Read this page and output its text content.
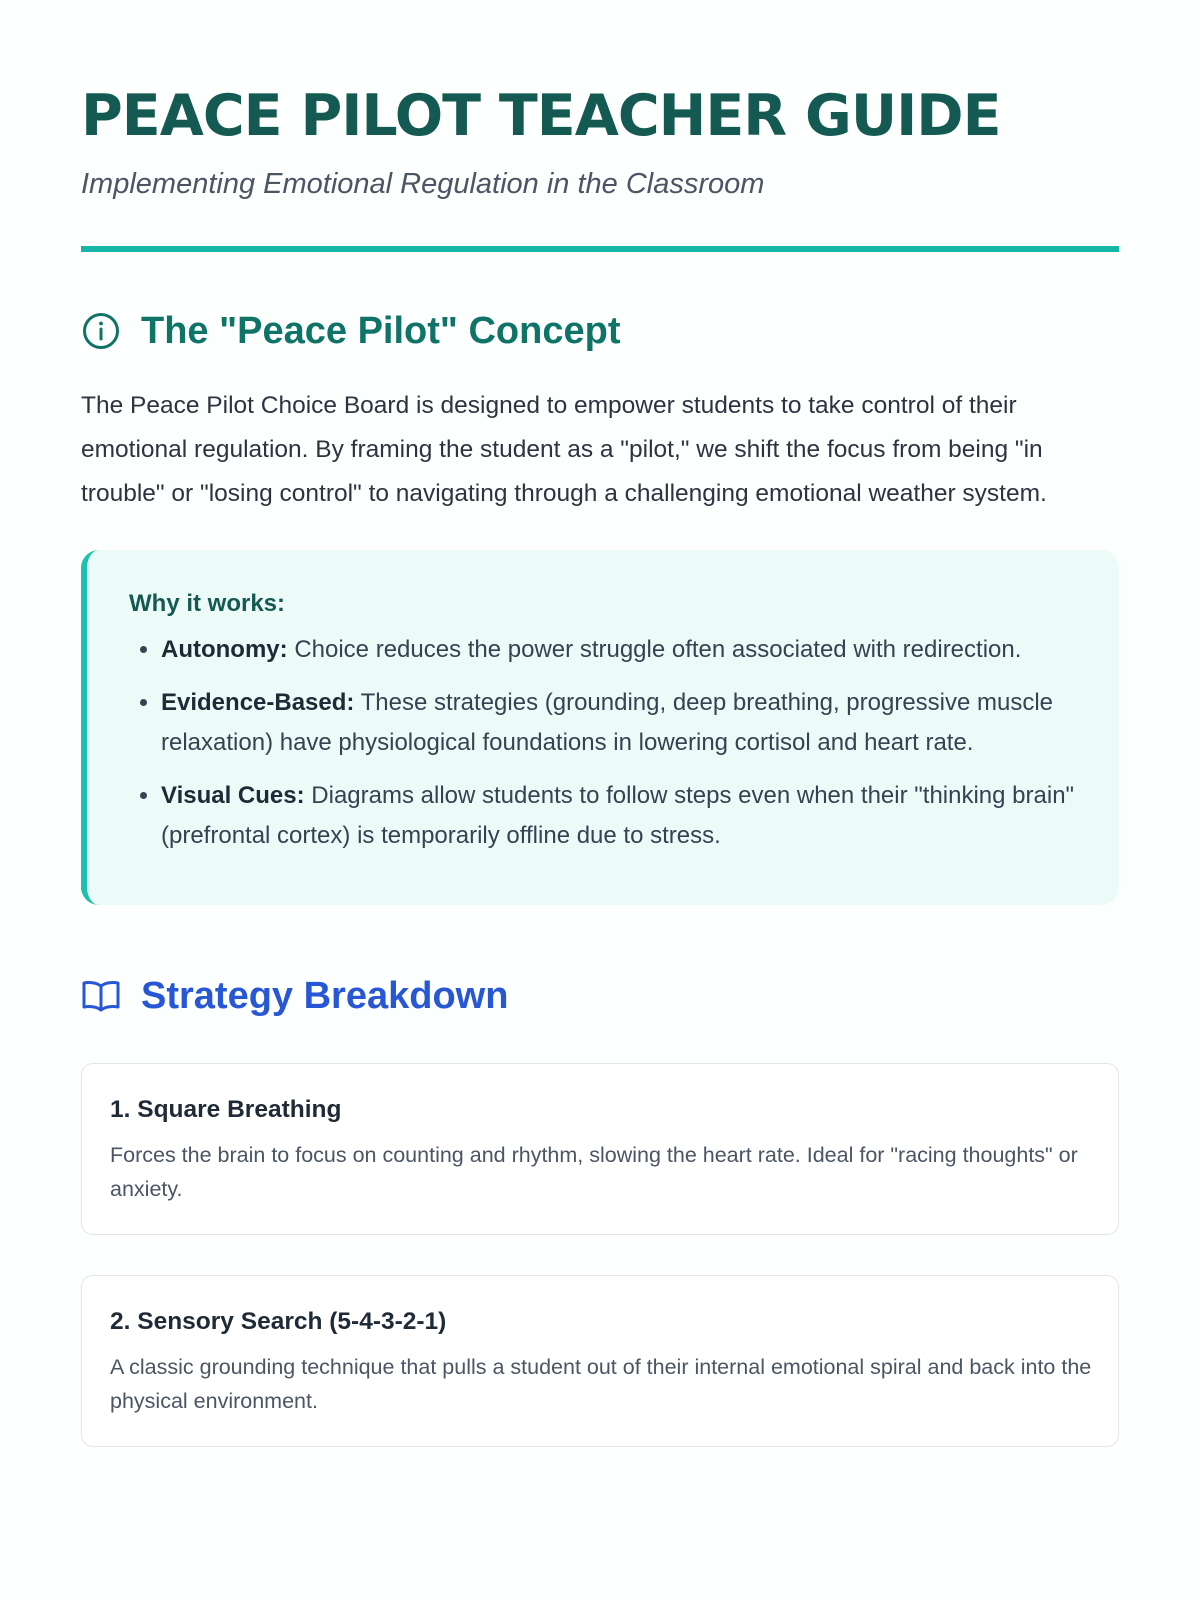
PEACE PILOT TEACHER GUIDE
Implementing Emotional Regulation in the Classroom
The "Peace Pilot" Concept

The Peace Pilot Choice Board is designed to empower students to take control of their emotional regulation. By framing the student as a "pilot," we shift the focus from being "in trouble" or "losing control" to navigating through a challenging emotional weather system.

Why it works:
• Autonomy: Choice reduces the power struggle often associated with redirection.
• Evidence-Based: These strategies (grounding, deep breathing, progressive muscle relaxation) have physiological foundations in lowering cortisol and heart rate.
• Visual Cues: Diagrams allow students to follow steps even when their "thinking brain" (prefrontal cortex) is temporarily offline due to stress.
Strategy Breakdown
1. Square Breathing

Forces the brain to focus on counting and rhythm, slowing the heart rate. Ideal for "racing thoughts" or anxiety.

2. Sensory Search (5-4-3-2-1)

A classic grounding technique that pulls a student out of their internal emotional spiral and back into the physical environment.
